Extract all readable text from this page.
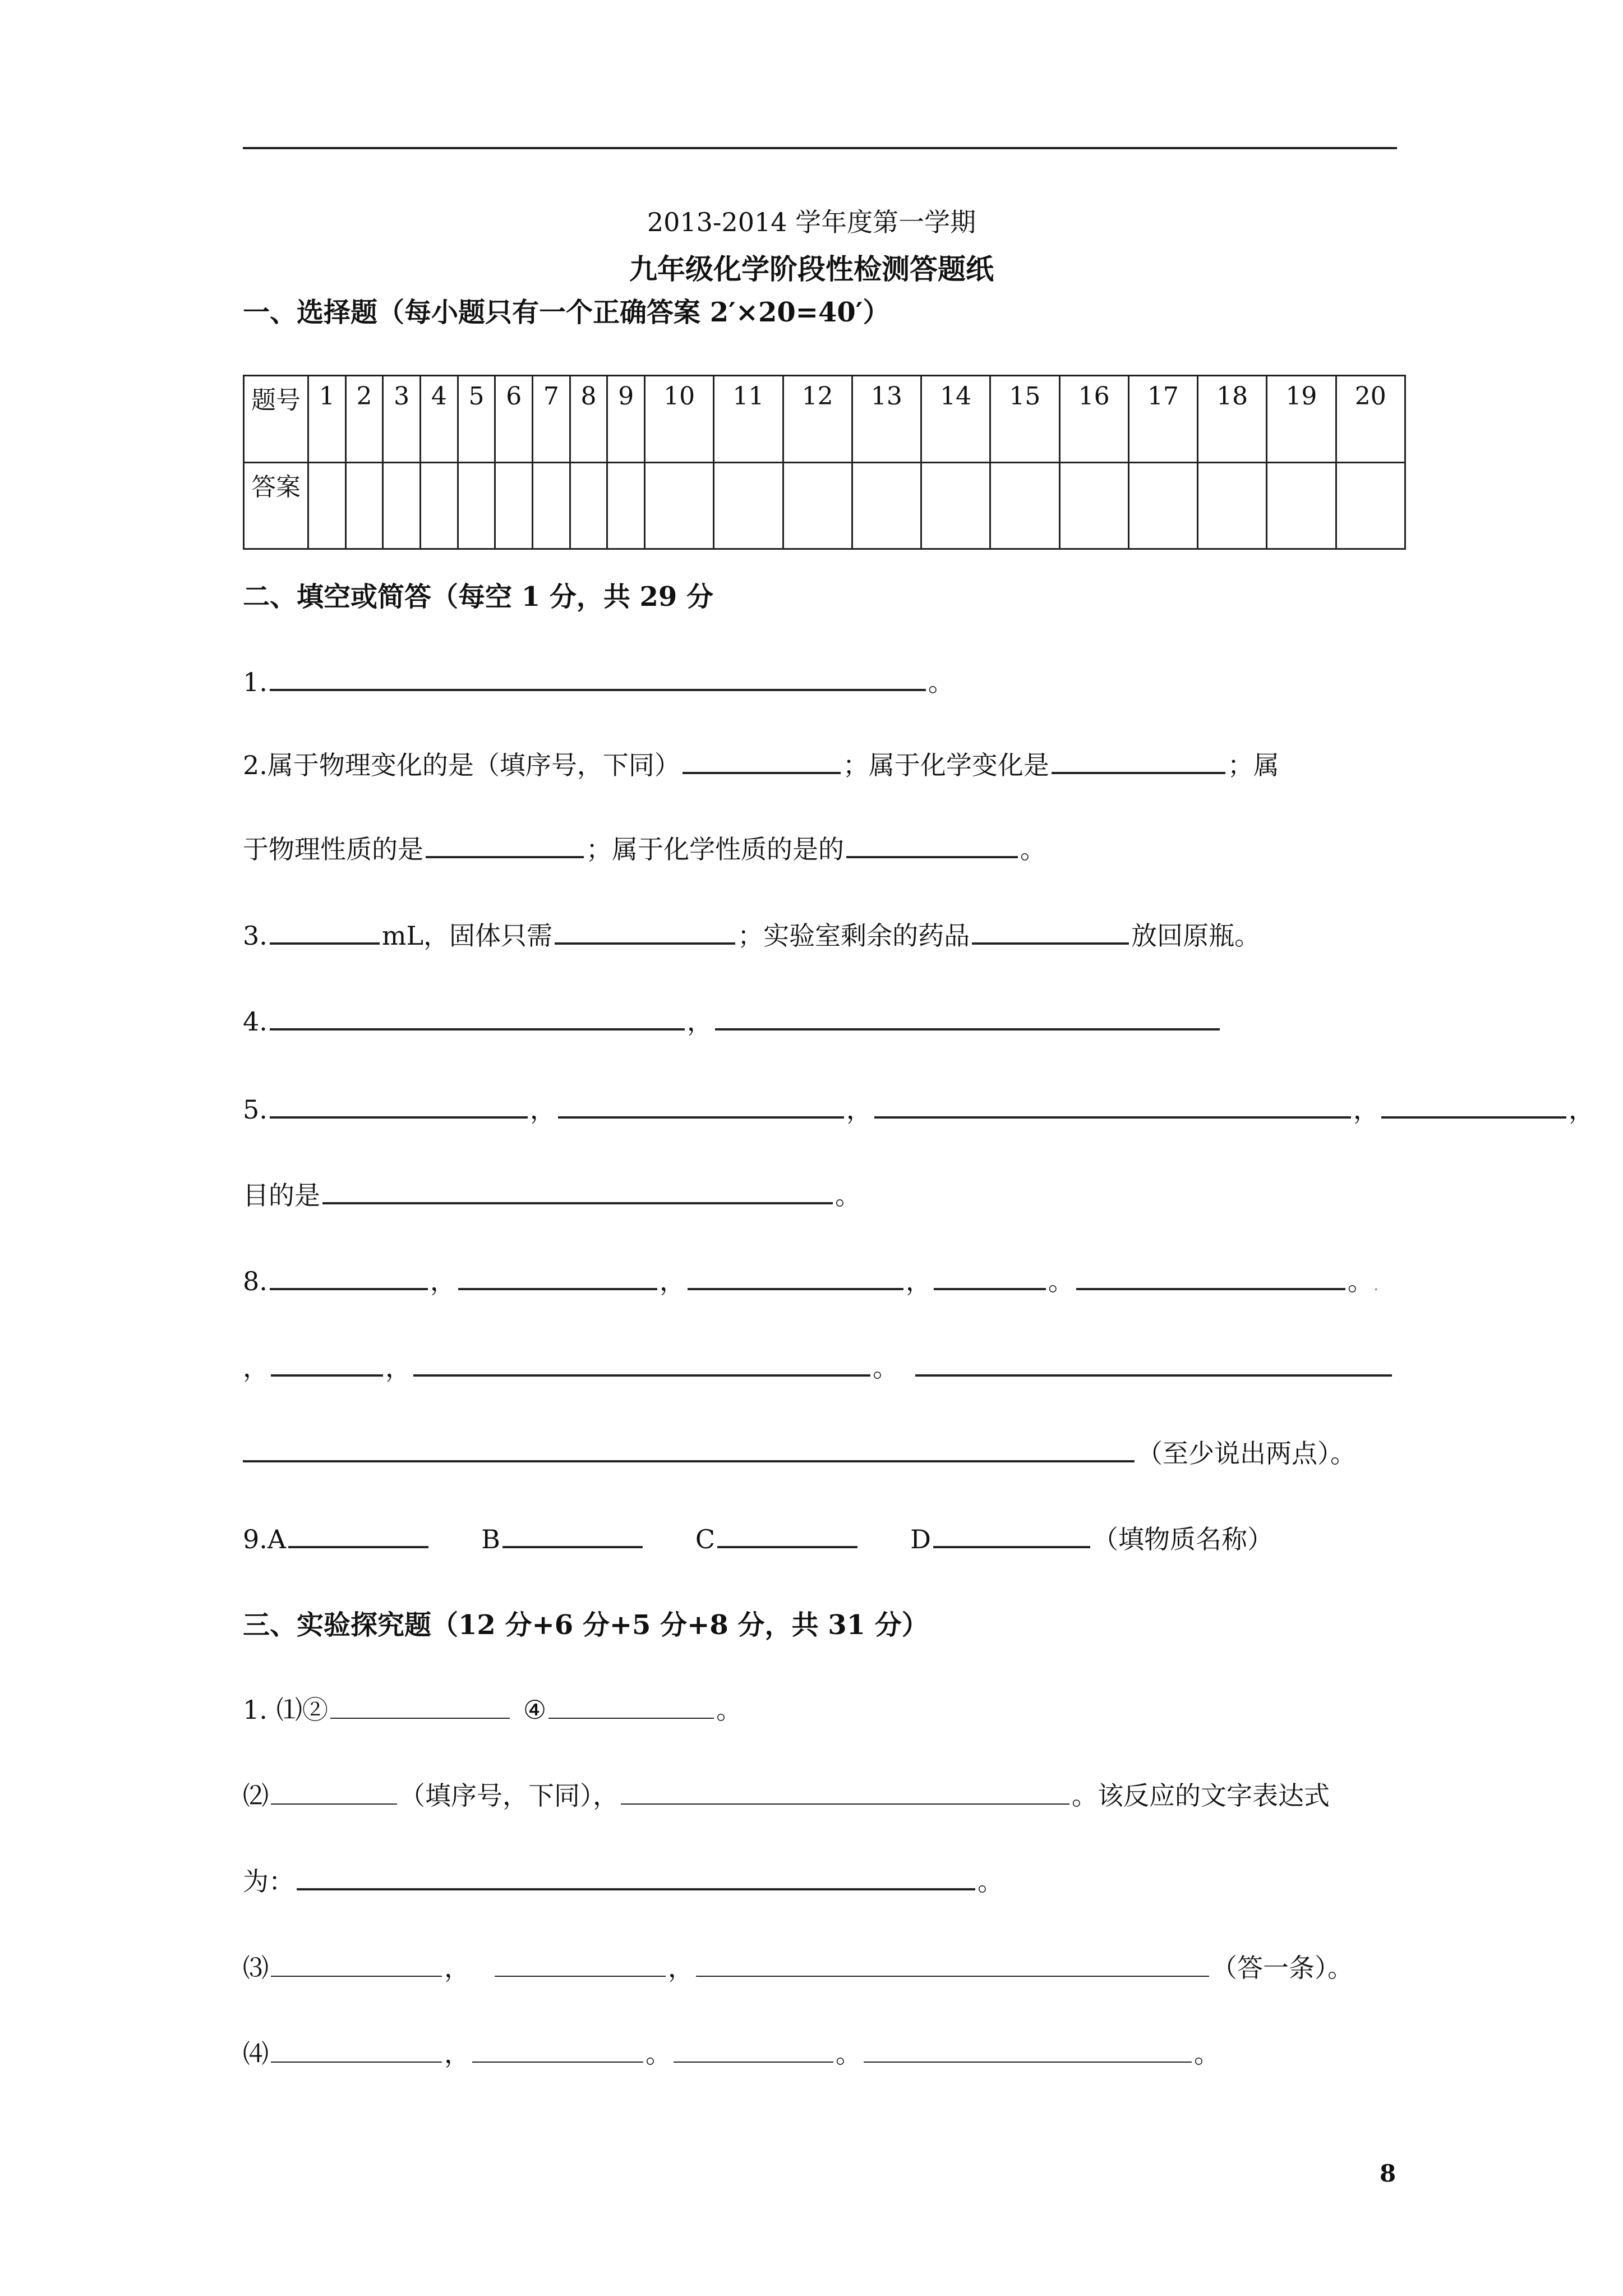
2013-2014 学年度第一学期
九年级化学阶段性检测答题纸
一、选择题（每小题只有一个正确答案 2′×20=40′）
题号	1	2	3	4	5	6	7	8	9	10	11	12	13	14	15	16	17	18	19	20
答案																				
二、填空或简答（每空 1 分，共 29 分
1.	。
2.属于物理变化的是（填序号，下同）	；属于化学变化是	；属
于物理性质的是	；属于化学性质的是的	。
3.	mL，固体只需	；实验室剩余的药品	放回原瓶。
4.	，
5.	，	，	，	，
目的是	。
8.	，	，	，	。	。.
，	，	。
（至少说出两点）。
9.A	B	C	D	（填物质名称）
三、实验探究题（12 分+6 分+5 分+8 分，共 31 分）
1. ⑴②	④	。
⑵	（填序号，下同），	。该反应的文字表达式
为：	。
⑶	，	，	（答一条）。
⑷	，	。	。	。
8
